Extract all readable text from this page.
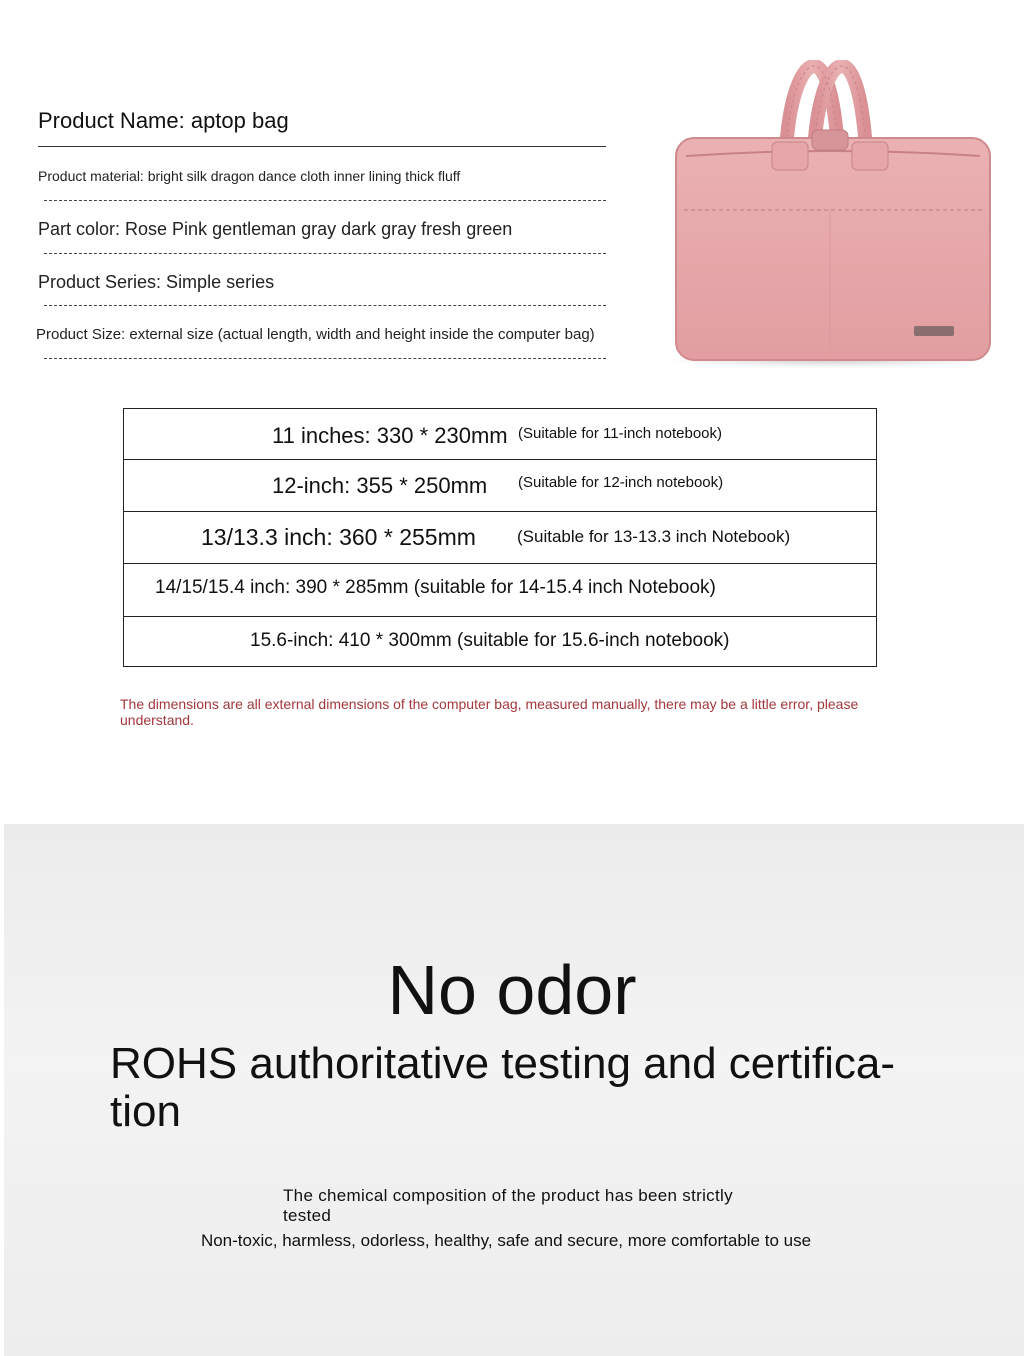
Product Name: aptop bag
Product material: bright silk dragon dance cloth inner lining thick fluff
Part color: Rose Pink gentleman gray dark gray fresh green
Product Series: Simple series
Product Size: external size (actual length, width and height inside the computer bag)
11 inches: 330 * 230mm (Suitable for 11-inch notebook)
12-inch: 355 * 250mm (Suitable for 12-inch notebook)
13/13.3 inch: 360 * 255mm (Suitable for 13-13.3 inch Notebook)
14/15/15.4 inch: 390 * 285mm (suitable for 14-15.4 inch Notebook)
15.6-inch: 410 * 300mm (suitable for 15.6-inch notebook)
The dimensions are all external dimensions of the computer bag, measured manually, there may be a little error, please understand.
No odor
ROHS authoritative testing and certifica-tion
The chemical composition of the product has been strictly tested
Non-toxic, harmless, odorless, healthy, safe and secure, more comfortable to use
